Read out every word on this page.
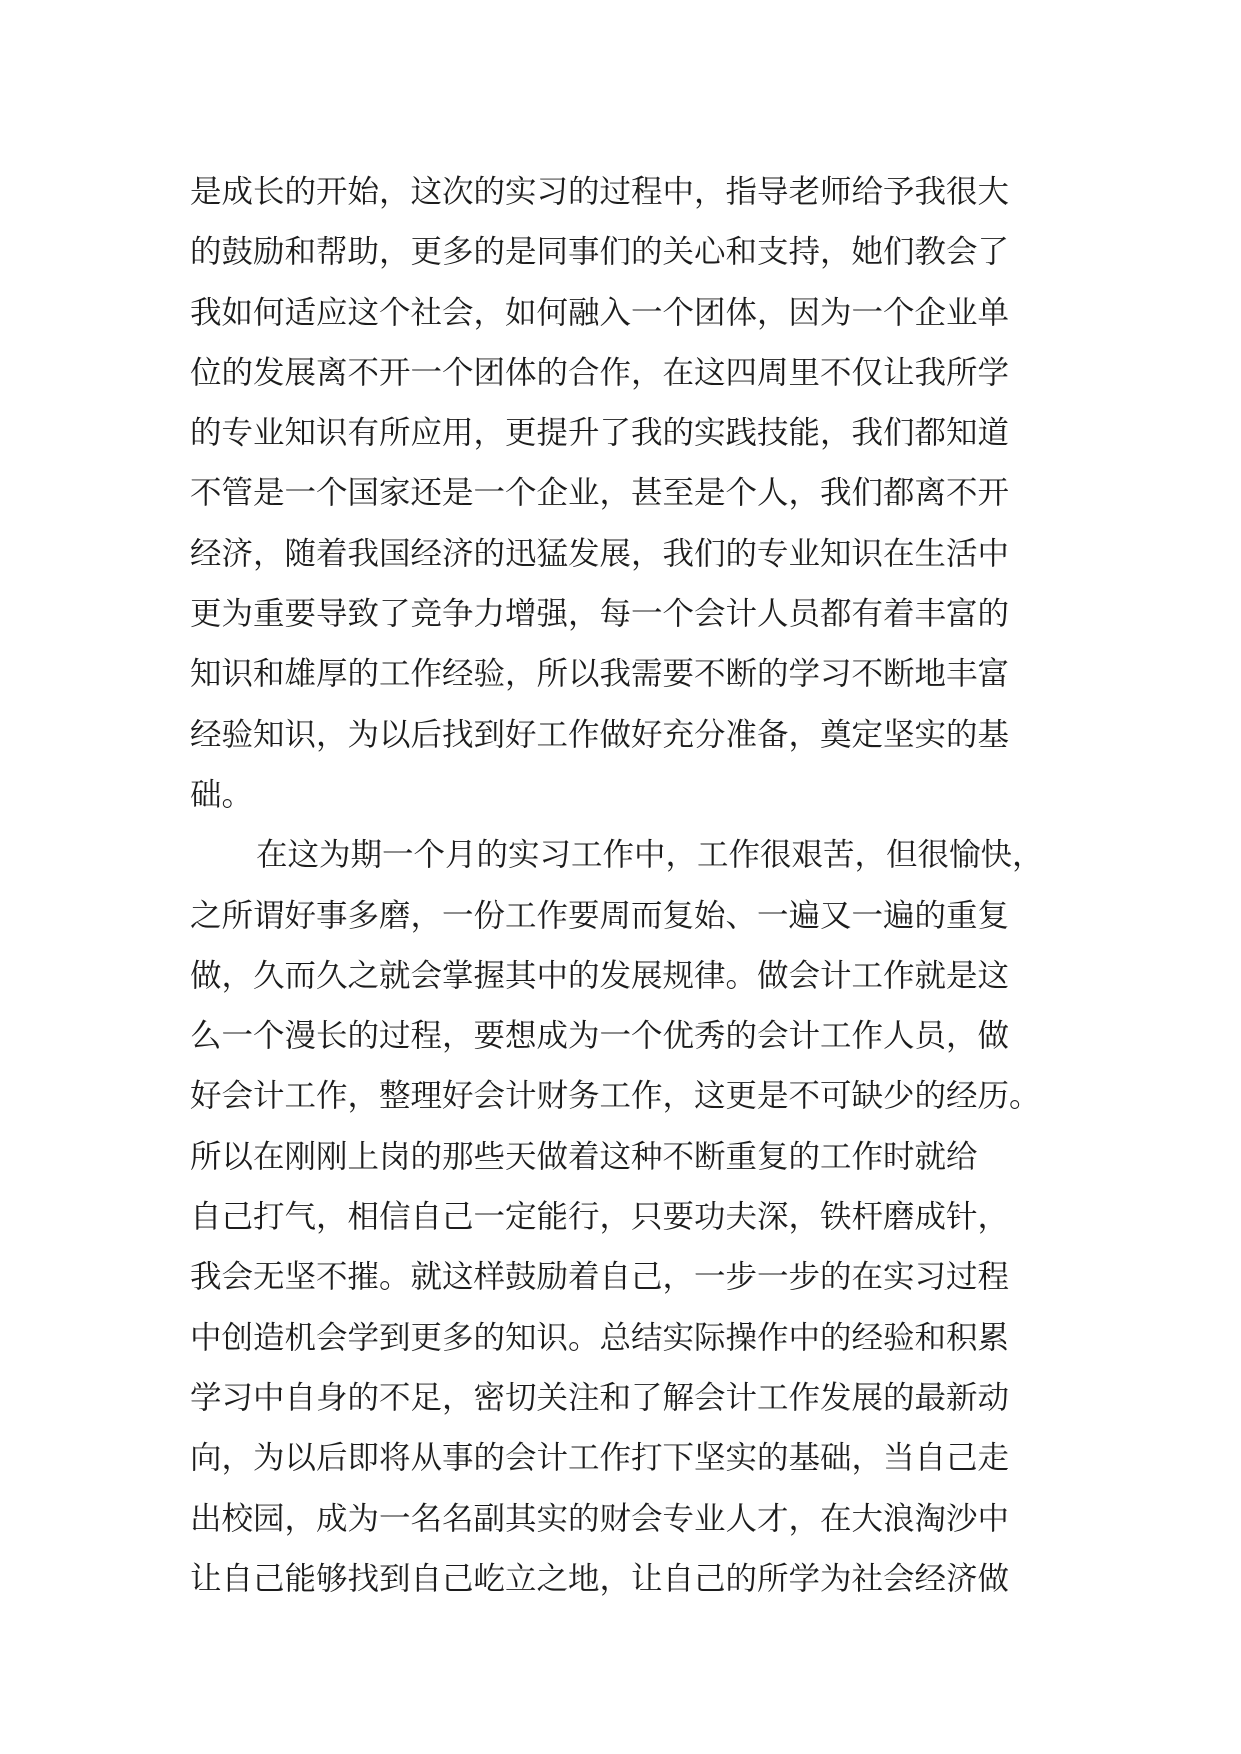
是成长的开始，这次的实习的过程中，指导老师给予我很大
的鼓励和帮助，更多的是同事们的关心和支持，她们教会了
我如何适应这个社会，如何融入一个团体，因为一个企业单
位的发展离不开一个团体的合作，在这四周里不仅让我所学
的专业知识有所应用，更提升了我的实践技能，我们都知道
不管是一个国家还是一个企业，甚至是个人，我们都离不开
经济，随着我国经济的迅猛发展，我们的专业知识在生活中
更为重要导致了竞争力增强，每一个会计人员都有着丰富的
知识和雄厚的工作经验，所以我需要不断的学习不断地丰富
经验知识，为以后找到好工作做好充分准备，奠定坚实的基
础。
在这为期一个月的实习工作中，工作很艰苦，但很愉快，
之所谓好事多磨，一份工作要周而复始、一遍又一遍的重复
做，久而久之就会掌握其中的发展规律。做会计工作就是这
么一个漫长的过程，要想成为一个优秀的会计工作人员，做
好会计工作，整理好会计财务工作，这更是不可缺少的经历。
所以在刚刚上岗的那些天做着这种不断重复的工作时就给
自己打气，相信自己一定能行，只要功夫深，铁杆磨成针，
我会无坚不摧。就这样鼓励着自己，一步一步的在实习过程
中创造机会学到更多的知识。总结实际操作中的经验和积累
学习中自身的不足，密切关注和了解会计工作发展的最新动
向，为以后即将从事的会计工作打下坚实的基础，当自己走
出校园，成为一名名副其实的财会专业人才，在大浪淘沙中
让自己能够找到自己屹立之地，让自己的所学为社会经济做
